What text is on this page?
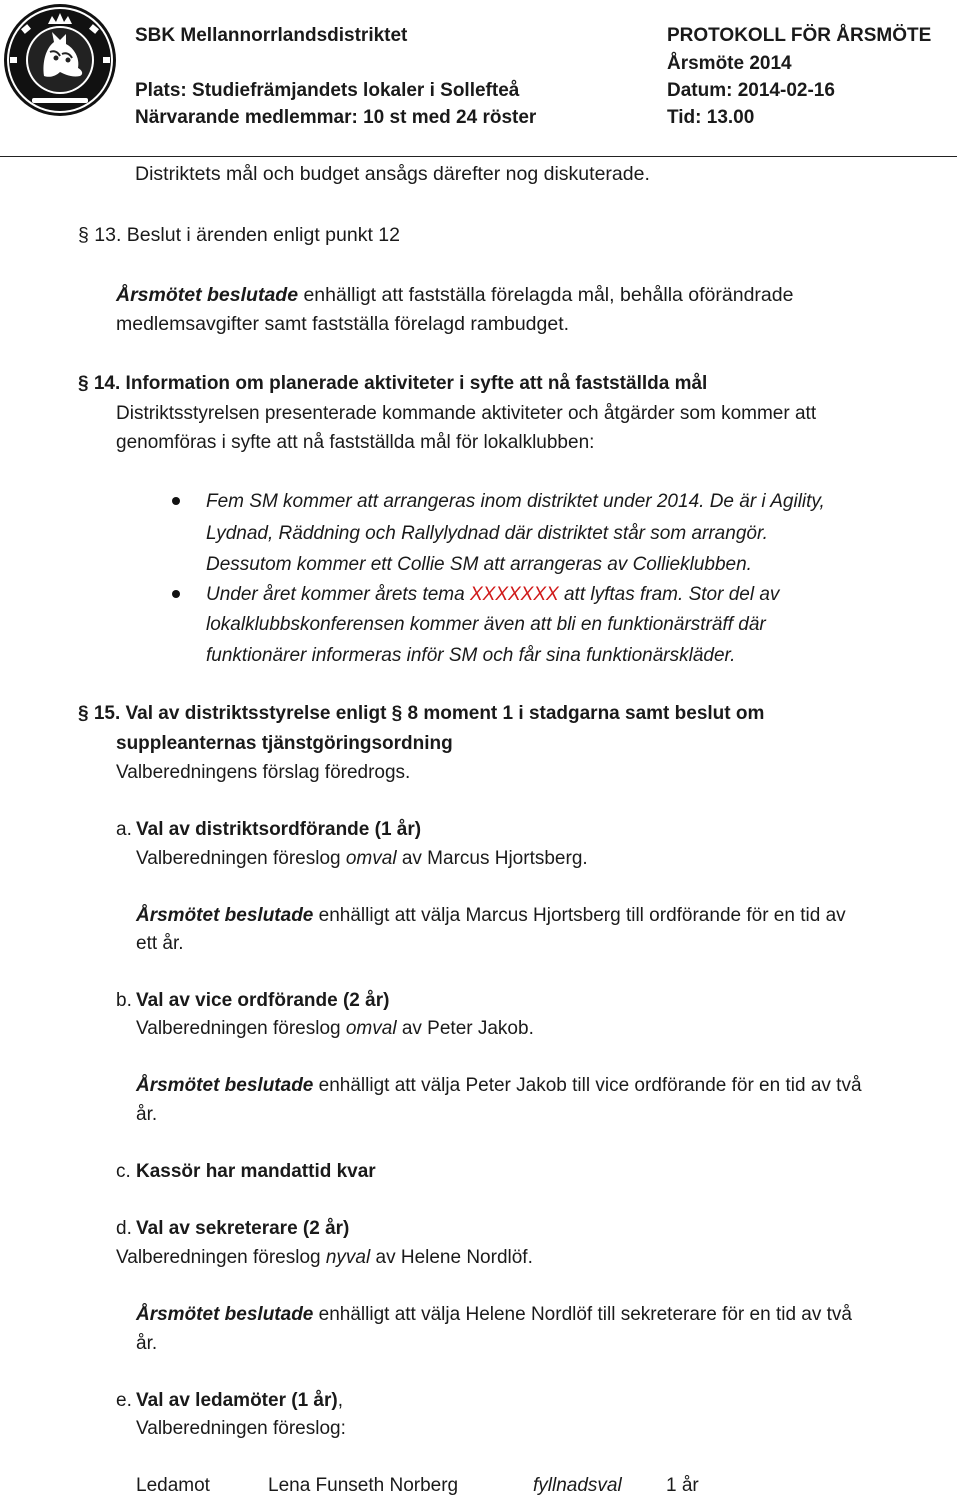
SBK Mellannorrlandsdistriktet	PROTOKOLL FÖR ÅRSMÖTE
Årsmöte 2014
Plats: Studiefrämjandets lokaler i Sollefteå	Datum: 2014-02-16
Närvarande medlemmar: 10 st med 24 röster	Tid: 13.00
Distriktets mål och budget ansågs därefter nog diskuterade.
§ 13. Beslut i ärenden enligt punkt 12
Årsmötet beslutade enhälligt att fastställa förelagda mål, behålla oförändrade
medlemsavgifter samt fastställa förelagd rambudget.
§ 14. Information om planerade aktiviteter i syfte att nå fastställda mål
Distriktsstyrelsen presenterade kommande aktiviteter och åtgärder som kommer att
genomföras i syfte att nå fastställda mål för lokalklubben:
Fem SM kommer att arrangeras inom distriktet under 2014. De är i Agility,
Lydnad, Räddning och Rallylydnad där distriktet står som arrangör.
Dessutom kommer ett Collie SM att arrangeras av Collieklubben.
Under året kommer årets tema XXXXXXX att lyftas fram. Stor del av
lokalklubbskonferensen kommer även att bli en funktionärsträff där
funktionärer informeras inför SM och får sina funktionärskläder.
§ 15. Val av distriktsstyrelse enligt § 8 moment 1 i stadgarna samt beslut om
suppleanternas tjänstgöringsordning
Valberedningens förslag föredrogs.
a. Val av distriktsordförande (1 år)
Valberedningen föreslog omval av Marcus Hjortsberg.
Årsmötet beslutade enhälligt att välja Marcus Hjortsberg till ordförande för en tid av
ett år.
b. Val av vice ordförande (2 år)
Valberedningen föreslog omval av Peter Jakob.
Årsmötet beslutade enhälligt att välja Peter Jakob till vice ordförande för en tid av två
år.
c. Kassör har mandattid kvar
d. Val av sekreterare (2 år)
Valberedningen föreslog nyval av Helene Nordlöf.
Årsmötet beslutade enhälligt att välja Helene Nordlöf till sekreterare för en tid av två
år.
e. Val av ledamöter (1 år),
Valberedningen föreslog:
Ledamot	Lena Funseth Norberg	fyllnadsval 1 år
